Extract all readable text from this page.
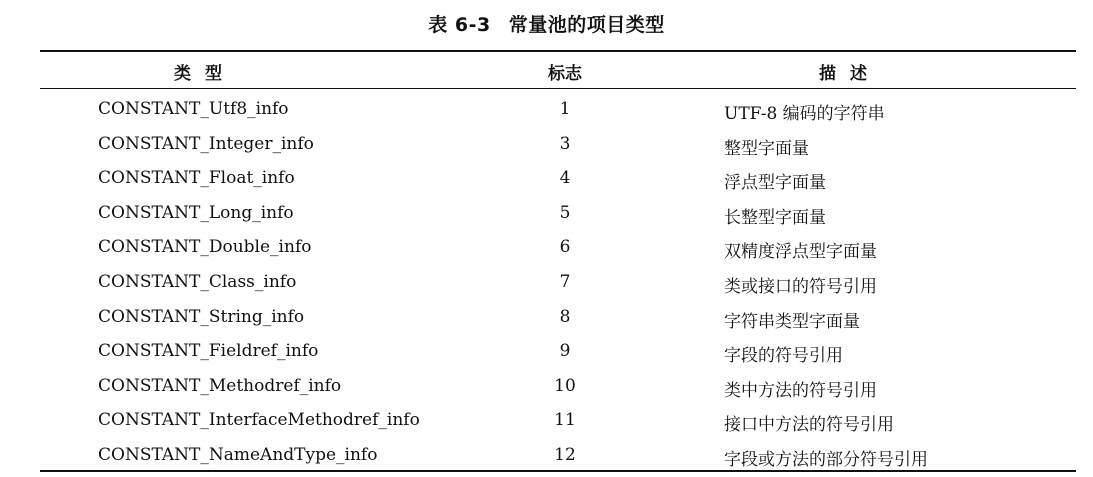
表 6-3 常量池的项目类型
类型	标志	描述
CONSTANT_Utf8_info	1	UTF-8 编码的字符串
CONSTANT_Integer_info	3	整型字面量
CONSTANT_Float_info	4	浮点型字面量
CONSTANT_Long_info	5	长整型字面量
CONSTANT_Double_info	6	双精度浮点型字面量
CONSTANT_Class_info	7	类或接口的符号引用
CONSTANT_String_info	8	字符串类型字面量
CONSTANT_Fieldref_info	9	字段的符号引用
CONSTANT_Methodref_info	10	类中方法的符号引用
CONSTANT_InterfaceMethodref_info	11	接口中方法的符号引用
CONSTANT_NameAndType_info	12	字段或方法的部分符号引用
